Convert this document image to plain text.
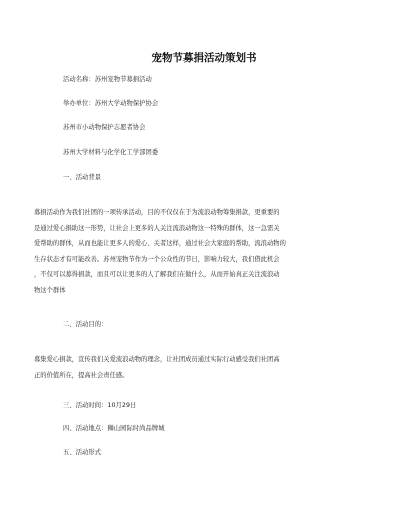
宠物节募捐活动策划书
活动名称：苏州宠物节募捐活动
举办单位：苏州大学动物保护协会
苏州市小动物保护志愿者协会
苏州大学材料与化学化工学部团委
一、活动背景
募捐活动作为我们社团的一项传承活动，目的不仅仅在于为流浪动物筹集捐款，更重要的
是通过爱心捐助这一形势，让社会上更多的人关注流浪动物这一特殊的群体，这一急需关
爱帮助的群体，从而也能让更多人的爱心、关者这样，通过社会大家庭的帮助，流浪动物的
生存状态才有可能改善。苏州宠物节作为一个公众性的节日，影响力较大，我们借此机会
，不仅可以募得捐款，而且可以让更多的人了解我们在做什么，从而开始真正关注流浪动
物这个群体
二、活动目的：
募集爱心捐款，宣传我们关爱流浪动物的理念，让社团成员通过实际行动感受我们社团高
正的价值所在，提高社会责任感。
三、活动时间：10月29日
四、活动地点：狮山园际时尚品牌城
五、活动形式
